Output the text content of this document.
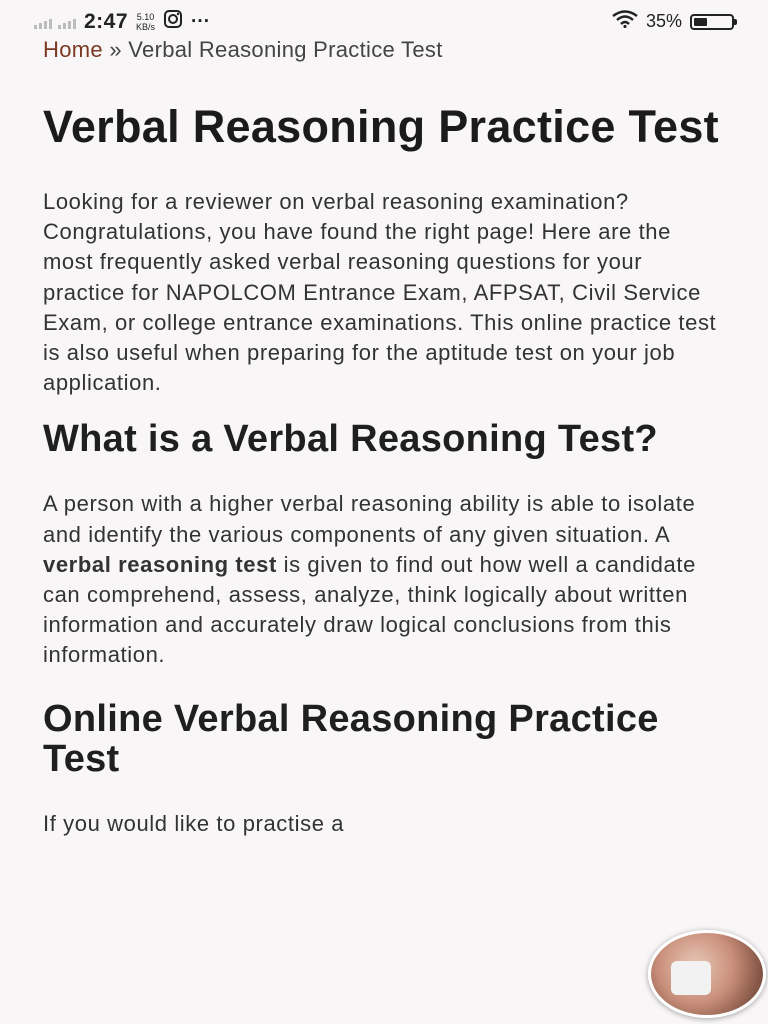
2:47 5.10
KB/s ···	35%

Home » Verbal Reasoning Practice Test

Verbal Reasoning Practice Test

Looking for a reviewer on verbal reasoning examination? Congratulations, you have found the right page! Here are the most frequently asked verbal reasoning questions for your practice for NAPOLCOM Entrance Exam, AFPSAT, Civil Service Exam, or college entrance examinations. This online practice test is also useful when preparing for the aptitude test on your job application.

What is a Verbal Reasoning Test?

A person with a higher verbal reasoning ability is able to isolate and identify the various components of any given situation. A verbal reasoning test is given to find out how well a candidate can comprehend, assess, analyze, think logically about written information and accurately draw logical conclusions from this information.

Online Verbal Reasoning Practice Test

If you would like to practise a
